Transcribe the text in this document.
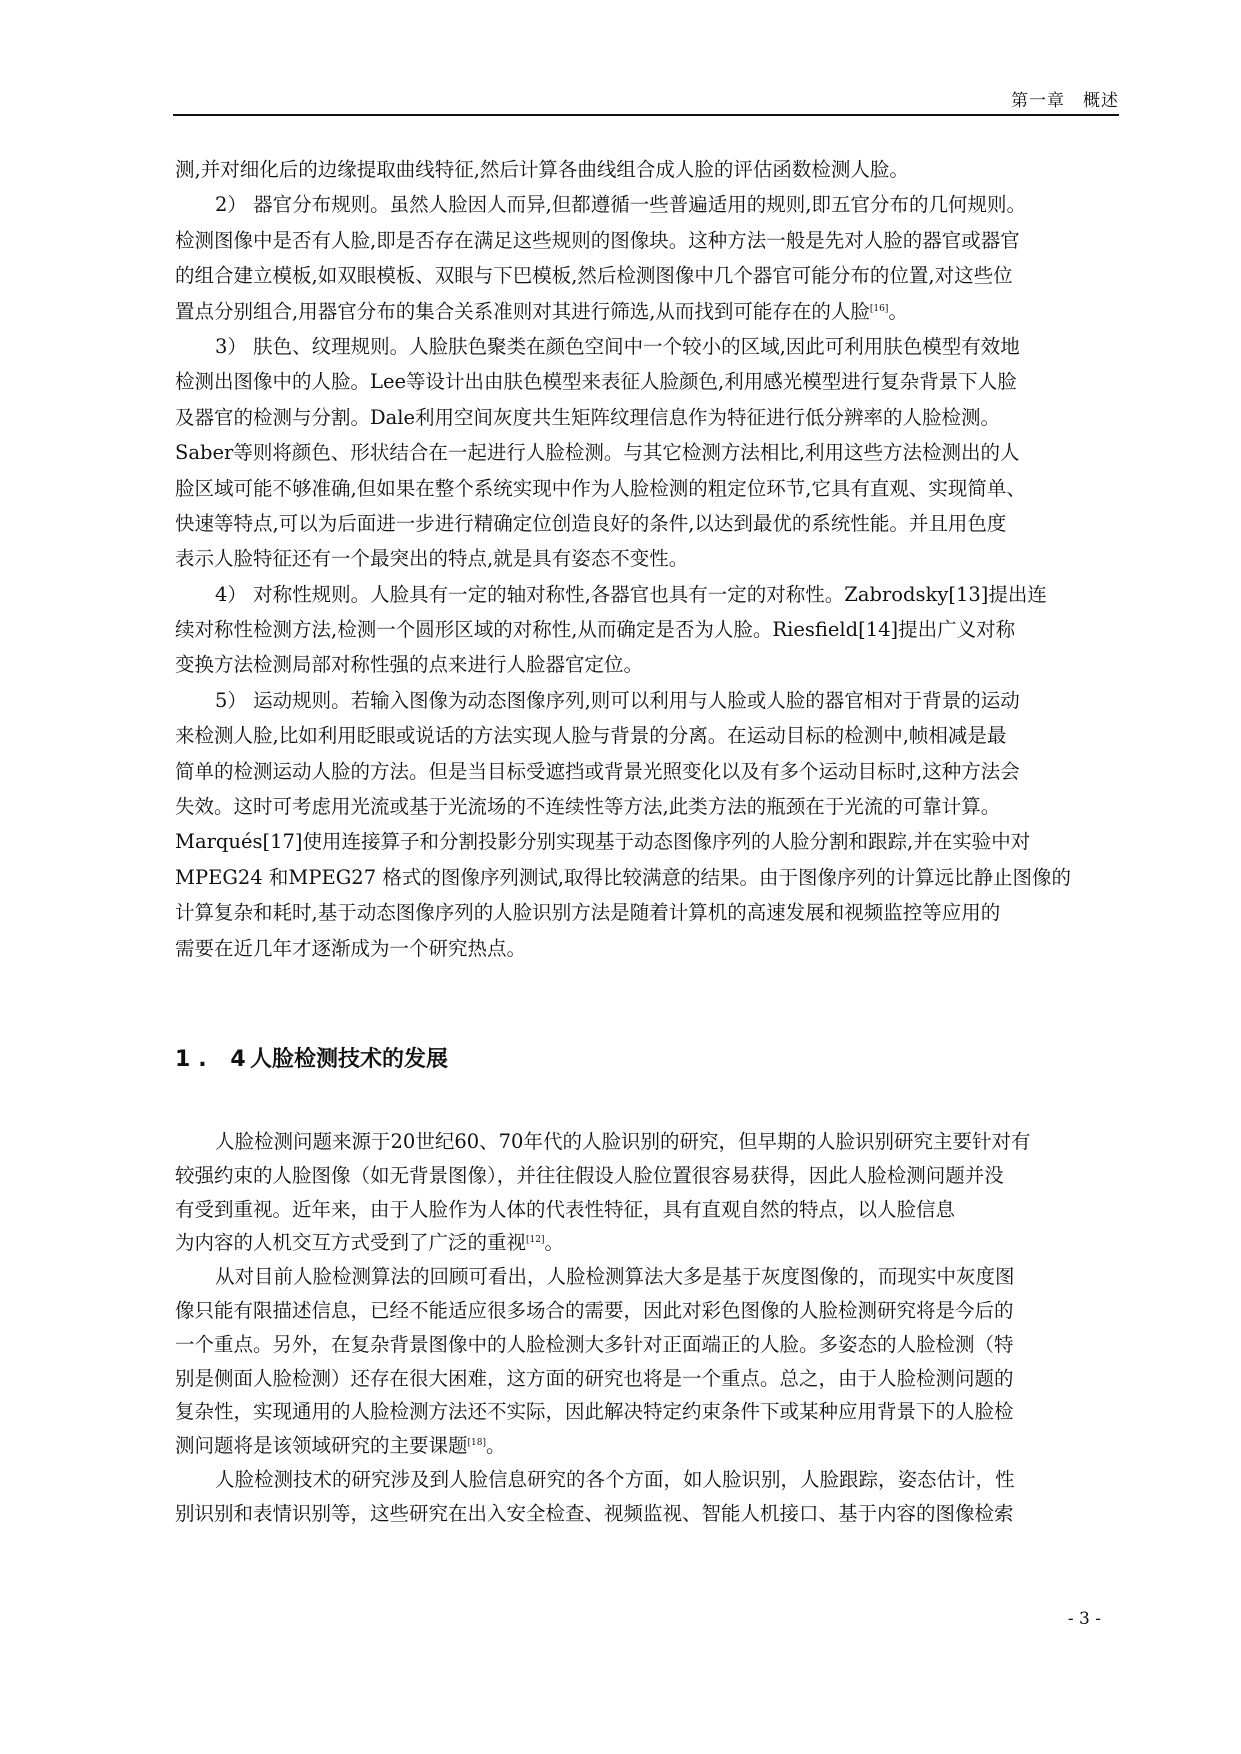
第一章　概述
测,并对细化后的边缘提取曲线特征,然后计算各曲线组合成人脸的评估函数检测人脸。
2） 器官分布规则。虽然人脸因人而异,但都遵循一些普遍适用的规则,即五官分布的几何规则。
检测图像中是否有人脸,即是否存在满足这些规则的图像块。这种方法一般是先对人脸的器官或器官
的组合建立模板,如双眼模板、双眼与下巴模板,然后检测图像中几个器官可能分布的位置,对这些位
置点分别组合,用器官分布的集合关系准则对其进行筛选,从而找到可能存在的人脸[16]。
3） 肤色、纹理规则。人脸肤色聚类在颜色空间中一个较小的区域,因此可利用肤色模型有效地
检测出图像中的人脸。Lee等设计出由肤色模型来表征人脸颜色,利用感光模型进行复杂背景下人脸
及器官的检测与分割。Dale利用空间灰度共生矩阵纹理信息作为特征进行低分辨率的人脸检测。
Saber等则将颜色、形状结合在一起进行人脸检测。与其它检测方法相比,利用这些方法检测出的人
脸区域可能不够准确,但如果在整个系统实现中作为人脸检测的粗定位环节,它具有直观、实现简单、
快速等特点,可以为后面进一步进行精确定位创造良好的条件,以达到最优的系统性能。并且用色度
表示人脸特征还有一个最突出的特点,就是具有姿态不变性。
4） 对称性规则。人脸具有一定的轴对称性,各器官也具有一定的对称性。Zabrodsky[13]提出连
续对称性检测方法,检测一个圆形区域的对称性,从而确定是否为人脸。Riesfield[14]提出广义对称
变换方法检测局部对称性强的点来进行人脸器官定位。
5） 运动规则。若输入图像为动态图像序列,则可以利用与人脸或人脸的器官相对于背景的运动
来检测人脸,比如利用眨眼或说话的方法实现人脸与背景的分离。在运动目标的检测中,帧相减是最
简单的检测运动人脸的方法。但是当目标受遮挡或背景光照变化以及有多个运动目标时,这种方法会
失效。这时可考虑用光流或基于光流场的不连续性等方法,此类方法的瓶颈在于光流的可靠计算。
Marqués[17]使用连接算子和分割投影分别实现基于动态图像序列的人脸分割和跟踪,并在实验中对
MPEG24 和MPEG27 格式的图像序列测试,取得比较满意的结果。由于图像序列的计算远比静止图像的
计算复杂和耗时,基于动态图像序列的人脸识别方法是随着计算机的高速发展和视频监控等应用的
需要在近几年才逐渐成为一个研究热点。
1. 4人脸检测技术的发展
人脸检测问题来源于20世纪60、70年代的人脸识别的研究，但早期的人脸识别研究主要针对有
较强约束的人脸图像（如无背景图像），并往往假设人脸位置很容易获得，因此人脸检测问题并没
有受到重视。近年来，由于人脸作为人体的代表性特征，具有直观自然的特点，以人脸信息
为内容的人机交互方式受到了广泛的重视[12]。
从对目前人脸检测算法的回顾可看出，人脸检测算法大多是基于灰度图像的，而现实中灰度图
像只能有限描述信息，已经不能适应很多场合的需要，因此对彩色图像的人脸检测研究将是今后的
一个重点。另外，在复杂背景图像中的人脸检测大多针对正面端正的人脸。多姿态的人脸检测（特
别是侧面人脸检测）还存在很大困难，这方面的研究也将是一个重点。总之，由于人脸检测问题的
复杂性，实现通用的人脸检测方法还不实际，因此解决特定约束条件下或某种应用背景下的人脸检
测问题将是该领域研究的主要课题[18]。
人脸检测技术的研究涉及到人脸信息研究的各个方面，如人脸识别，人脸跟踪，姿态估计，性
别识别和表情识别等，这些研究在出入安全检查、视频监视、智能人机接口、基于内容的图像检索
- 3 -
